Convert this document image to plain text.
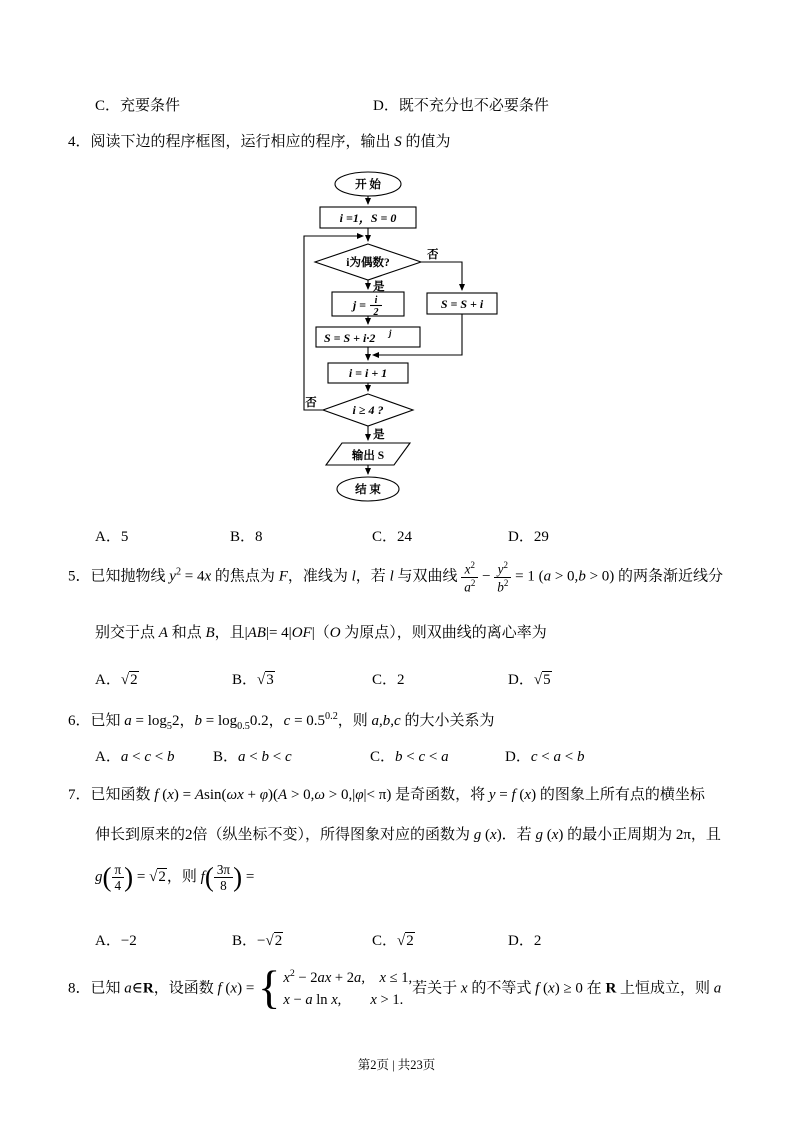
C．充要条件	D．既不充分也不必要条件
4．阅读下边的程序框图，运行相应的程序，输出 S 的值为
开 始
i为偶数?
否
是
否
是
输出 S
结 束
i =1，S = 0
j = i
2
S = S + i·2 j
S = S + i
i = i + 1
i ≥ 4 ?
A．5	B．8	C．24	D．29
5．已知抛物线 $y^2 = 4x$ 的焦点为 F，准线为 l，若 l 与双曲线 $\frac{x^2}{a^2} - \frac{y^2}{b^2} = 1$ (a > 0,b > 0) 的两条渐近线分
别交于点 A 和点 B，且|AB|= 4|OF|（O 为原点），则双曲线的离心率为
A．√2	B．√3	C．2	D．√5
6．已知 $a = \log_52$，$b = \log_{0.5}0.2$，$c = 0.5^{0.2}$，则 a,b,c 的大小关系为
A．a < c < b	B．a < b < c	C．b < c < a	D．c < a < b
7．已知函数 f (x) = Asin(ωx + φ)(A > 0,ω > 0,|φ|< π) 是奇函数，将 y = f (x) 的图象上所有点的横坐标
伸长到原来的2倍（纵坐标不变），所得图象对应的函数为 g (x)．若 g (x) 的最小正周期为 2π，且
$g( \frac{\pi}{4}$ ) = √2，则 $f( \frac{3\pi}{8}$ ) =
A．−2	B．−√2	C．√2	D．2
8．已知 a∈R，设函数 f (x) = { $x^2 - 2ax + 2a$, x ≤ 1,
x − a ln x,   x > 1.
若关于 x 的不等式 f (x) ≥ 0 在 R 上恒成立，则 a
第2页 | 共23页
